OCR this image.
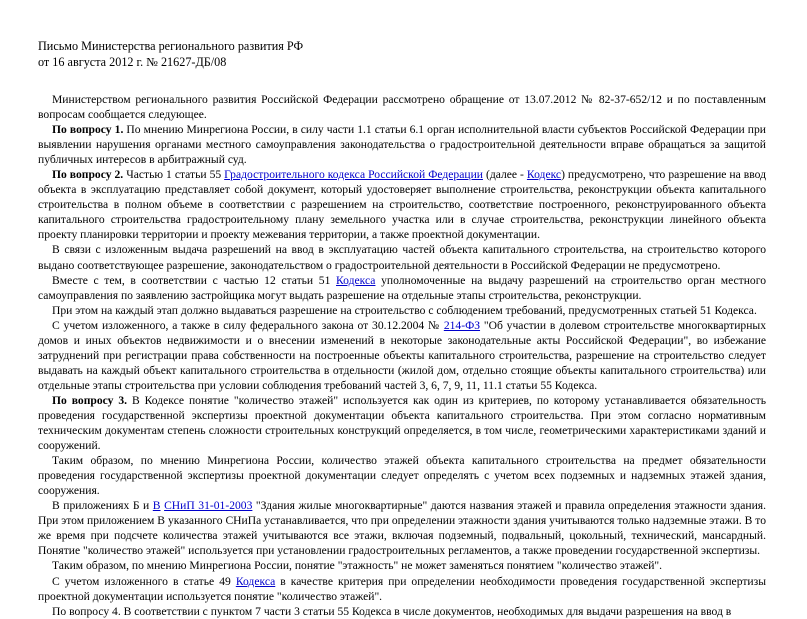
Письмо Министерства регионального развития РФ
от 16 августа 2012 г. № 21627-ДБ/08

Министерством регионального развития Российской Федерации рассмотрено обращение от 13.07.2012 № 82-37-652/12 и по поставленным вопросам сообщается следующее.

По вопросу 1. По мнению Минрегиона России, в силу части 1.1 статьи 6.1 орган исполнительной власти субъектов Российской Федерации при выявлении нарушения органами местного самоуправления законодательства о градостроительной деятельности вправе обращаться за защитой публичных интересов в арбитражный суд.

По вопросу 2. Частью 1 статьи 55 Градостроительного кодекса Российской Федерации (далее - Кодекс) предусмотрено, что разрешение на ввод объекта в эксплуатацию представляет собой документ, который удостоверяет выполнение строительства, реконструкции объекта капитального строительства в полном объеме в соответствии с разрешением на строительство, соответствие построенного, реконструированного объекта капитального строительства градостроительному плану земельного участка или в случае строительства, реконструкции линейного объекта проекту планировки территории и проекту межевания территории, а также проектной документации.

В связи с изложенным выдача разрешений на ввод в эксплуатацию частей объекта капитального строительства, на строительство которого выдано соответствующее разрешение, законодательством о градостроительной деятельности в Российской Федерации не предусмотрено.

Вместе с тем, в соответствии с частью 12 статьи 51 Кодекса уполномоченные на выдачу разрешений на строительство орган местного самоуправления по заявлению застройщика могут выдать разрешение на отдельные этапы строительства, реконструкции.

При этом на каждый этап должно выдаваться разрешение на строительство с соблюдением требований, предусмотренных статьей 51 Кодекса.

С учетом изложенного, а также в силу федерального закона от 30.12.2004 № 214-ФЗ "Об участии в долевом строительстве многоквартирных домов и иных объектов недвижимости и о внесении изменений в некоторые законодательные акты Российской Федерации", во избежание затруднений при регистрации права собственности на построенные объекты капитального строительства, разрешение на строительство следует выдавать на каждый объект капитального строительства в отдельности (жилой дом, отдельно стоящие объекты капитального строительства) или отдельные этапы строительства при условии соблюдения требований частей 3, 6, 7, 9, 11, 11.1 статьи 55 Кодекса.

По вопросу 3. В Кодексе понятие "количество этажей" используется как один из критериев, по которому устанавливается обязательность проведения государственной экспертизы проектной документации объекта капитального строительства. При этом согласно нормативным техническим документам степень сложности строительных конструкций определяется, в том числе, геометрическими характеристиками зданий и сооружений.

Таким образом, по мнению Минрегиона России, количество этажей объекта капитального строительства на предмет обязательности проведения государственной экспертизы проектной документации следует определять с учетом всех подземных и надземных этажей здания, сооружения.

В приложениях Б и В СНиП 31-01-2003 "Здания жилые многоквартирные" даются названия этажей и правила определения этажности здания. При этом приложением В указанного СНиПа устанавливается, что при определении этажности здания учитываются только надземные этажи. В то же время при подсчете количества этажей учитываются все этажи, включая подземный, подвальный, цокольный, технический, мансардный. Понятие "количество этажей" используется при установлении градостроительных регламентов, а также проведении государственной экспертизы.

Таким образом, по мнению Минрегиона России, понятие "этажность" не может заменяться понятием "количество этажей".

С учетом изложенного в статье 49 Кодекса в качестве критерия при определении необходимости проведения государственной экспертизы проектной документации используется понятие "количество этажей".

По вопросу 4. В соответствии с пунктом 7 части 3 статьи 55 Кодекса в числе документов, необходимых для выдачи разрешения на ввод в
